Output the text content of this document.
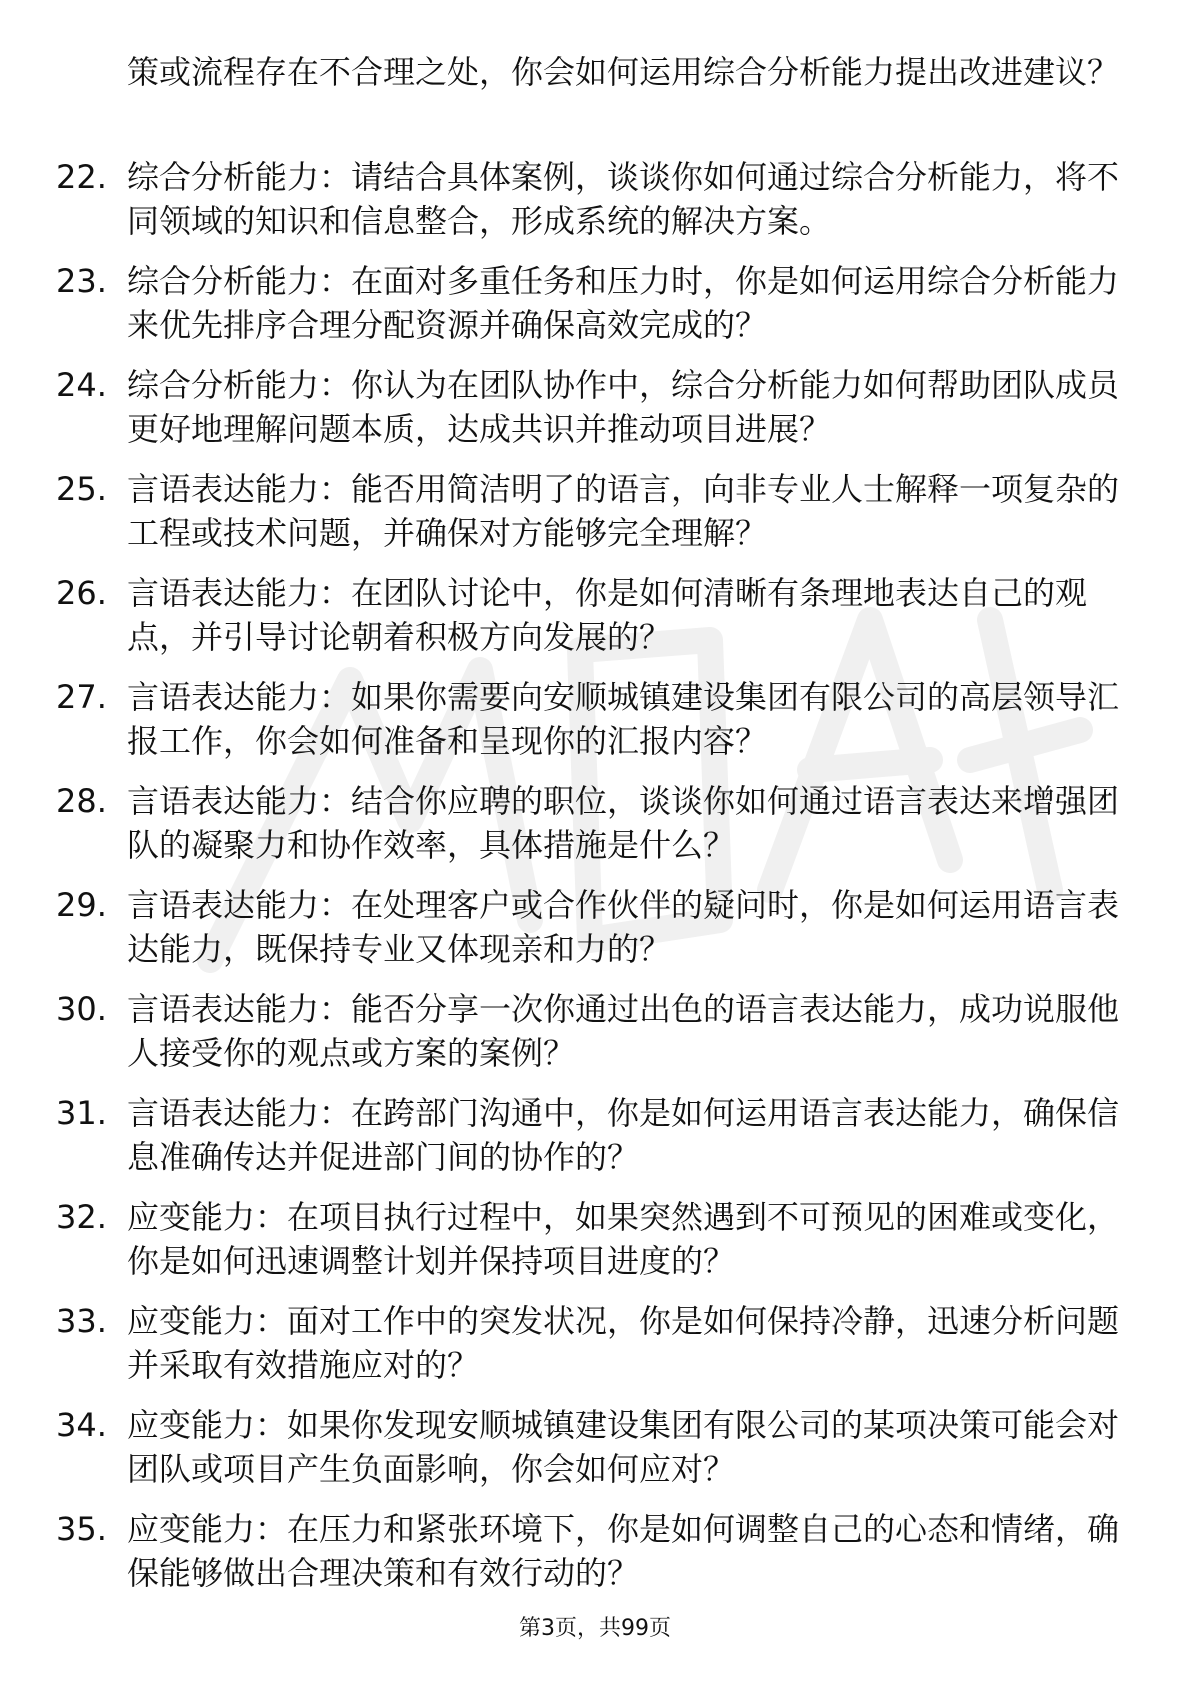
策或流程存在不合理之处，你会如何运用综合分析能力提出改进建议？

22. 综合分析能力：请结合具体案例，谈谈你如何通过综合分析能力，将不同领域的知识和信息整合，形成系统的解决方案。

23. 综合分析能力：在面对多重任务和压力时，你是如何运用综合分析能力来优先排序合理分配资源并确保高效完成的？

24. 综合分析能力：你认为在团队协作中，综合分析能力如何帮助团队成员更好地理解问题本质，达成共识并推动项目进展？

25. 言语表达能力：能否用简洁明了的语言，向非专业人士解释一项复杂的工程或技术问题，并确保对方能够完全理解？

26. 言语表达能力：在团队讨论中，你是如何清晰有条理地表达自己的观点，并引导讨论朝着积极方向发展的？

27. 言语表达能力：如果你需要向安顺城镇建设集团有限公司的高层领导汇报工作，你会如何准备和呈现你的汇报内容？

28. 言语表达能力：结合你应聘的职位，谈谈你如何通过语言表达来增强团队的凝聚力和协作效率，具体措施是什么？

29. 言语表达能力：在处理客户或合作伙伴的疑问时，你是如何运用语言表达能力，既保持专业又体现亲和力的？

30. 言语表达能力：能否分享一次你通过出色的语言表达能力，成功说服他人接受你的观点或方案的案例？

31. 言语表达能力：在跨部门沟通中，你是如何运用语言表达能力，确保信息准确传达并促进部门间的协作的？

32. 应变能力：在项目执行过程中，如果突然遇到不可预见的困难或变化，你是如何迅速调整计划并保持项目进度的？

33. 应变能力：面对工作中的突发状况，你是如何保持冷静，迅速分析问题并采取有效措施应对的？

34. 应变能力：如果你发现安顺城镇建设集团有限公司的某项决策可能会对团队或项目产生负面影响，你会如何应对？

35. 应变能力：在压力和紧张环境下，你是如何调整自己的心态和情绪，确保能够做出合理决策和有效行动的？

第3页，共99页
